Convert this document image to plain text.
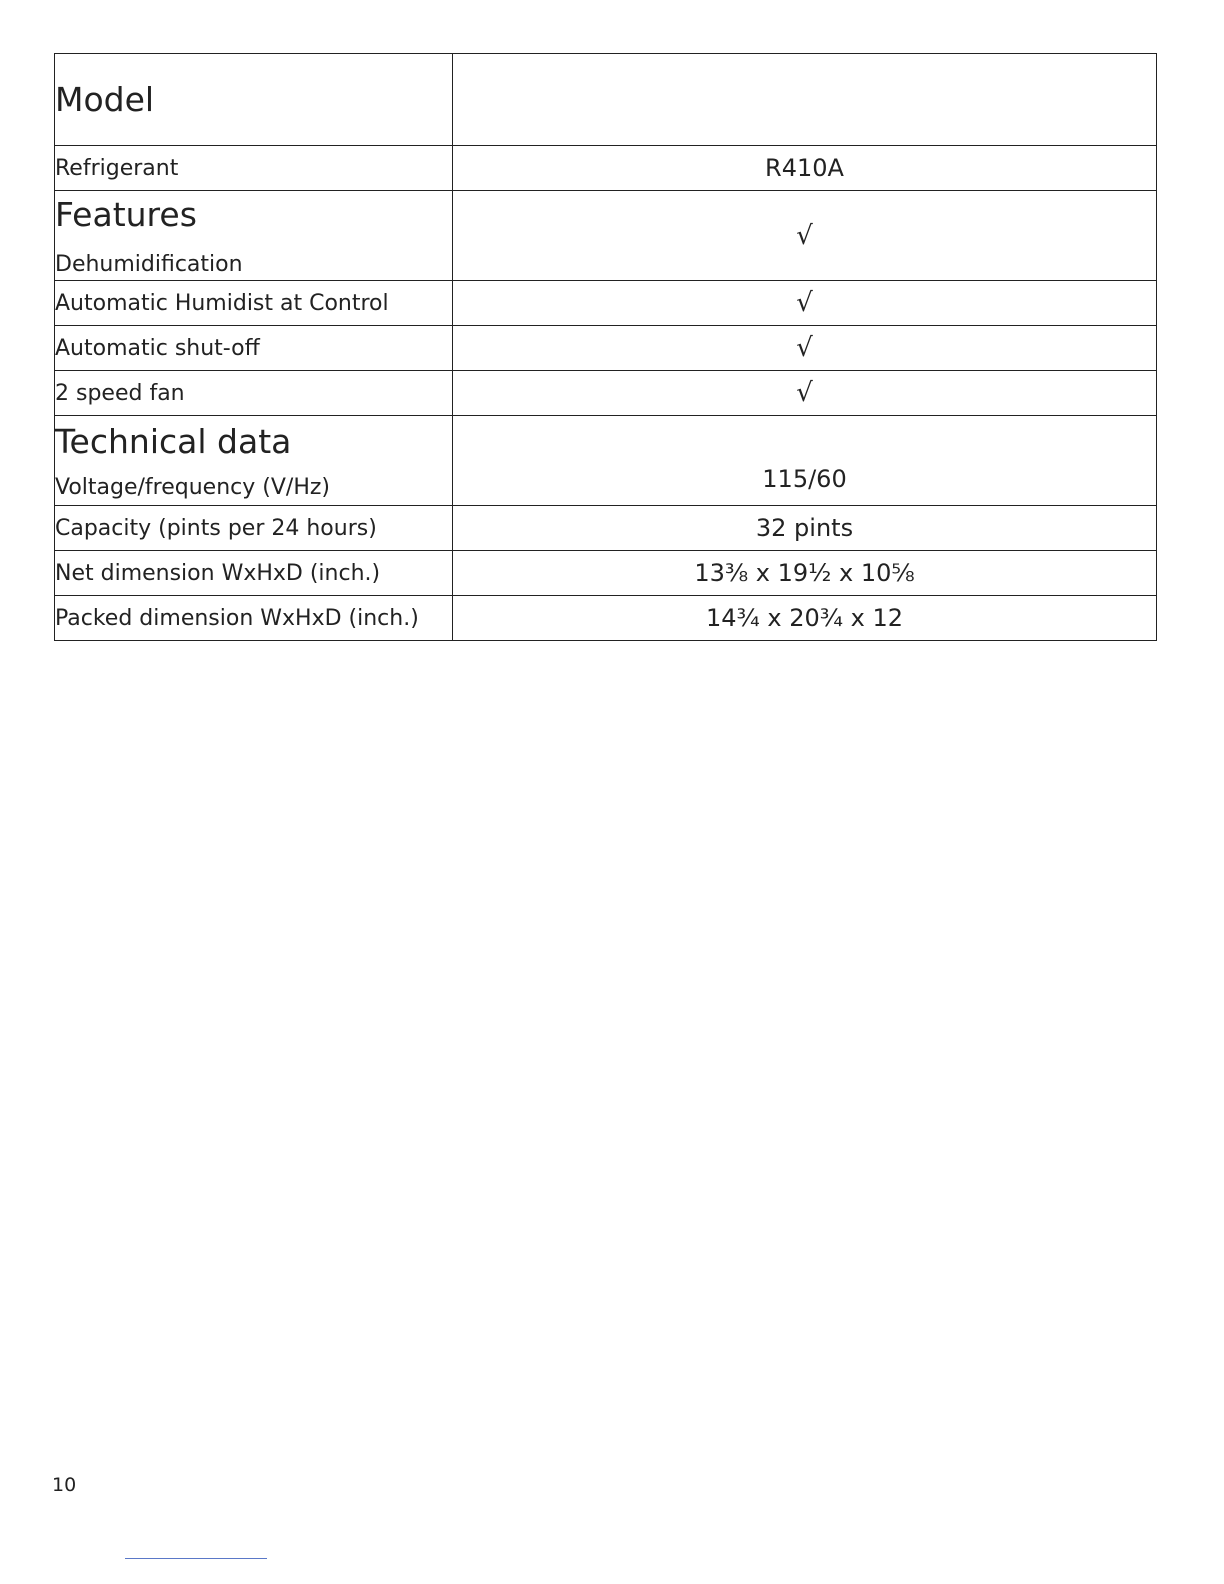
Model	
Refrigerant	R410A

Features
Dehumidification	√
Automatic Humidist at Control	√
Automatic shut-off	√
2 speed fan	√

Technical data
Voltage/frequency (V/Hz)	115/60

Capacity (pints per 24 hours)	32 pints
Net dimension WxHxD (inch.)	13⅜ x 19½ x 10⅝
Packed dimension WxHxD (inch.)	14¾ x 20¾ x 12
10
